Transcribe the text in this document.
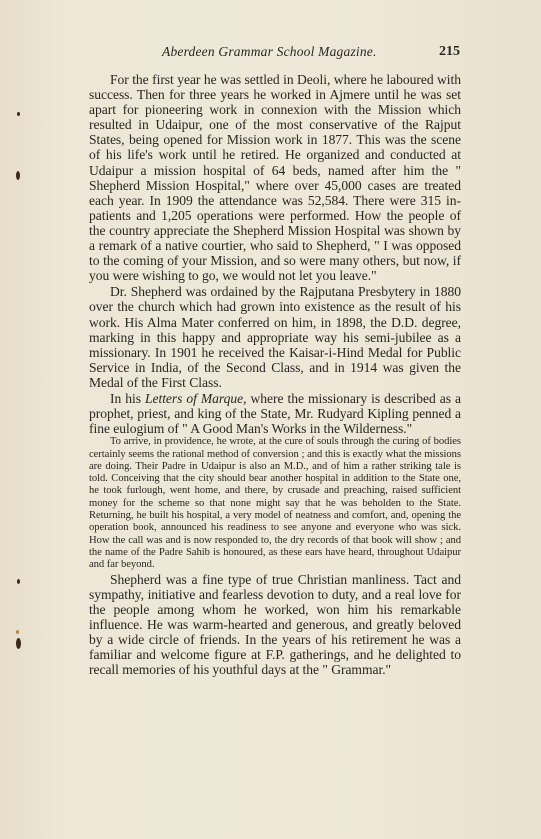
Aberdeen Grammar School Magazine.	215

For the first year he was settled in Deoli, where he laboured with success. Then for three years he worked in Ajmere until he was set apart for pioneering work in connexion with the Mission which resulted in Udaipur, one of the most conservative of the Rajput States, being opened for Mission work in 1877. This was the scene of his life's work until he retired. He organized and conducted at Udaipur a mission hospital of 64 beds, named after him the " Shepherd Mission Hospital," where over 45,000 cases are treated each year. In 1909 the attendance was 52,584. There were 315 in-patients and 1,205 operations were performed. How the people of the country appreciate the Shepherd Mission Hospital was shown by a remark of a native courtier, who said to Shepherd, " I was opposed to the coming of your Mission, and so were many others, but now, if you were wishing to go, we would not let you leave."

Dr. Shepherd was ordained by the Rajputana Presbytery in 1880 over the church which had grown into existence as the result of his work. His Alma Mater conferred on him, in 1898, the D.D. degree, marking in this happy and appropriate way his semi-jubilee as a missionary. In 1901 he received the Kaisar-i-Hind Medal for Public Service in India, of the Second Class, and in 1914 was given the Medal of the First Class.

In his Letters of Marque, where the missionary is described as a prophet, priest, and king of the State, Mr. Rudyard Kipling penned a fine eulogium of " A Good Man's Works in the Wilderness."

To arrive, in providence, he wrote, at the cure of souls through the curing of bodies certainly seems the rational method of conversion ; and this is exactly what the missions are doing. Their Padre in Udaipur is also an M.D., and of him a rather striking tale is told. Conceiving that the city should bear another hospital in addition to the State one, he took furlough, went home, and there, by crusade and preaching, raised sufficient money for the scheme so that none might say that he was beholden to the State. Returning, he built his hospital, a very model of neatness and comfort, and, opening the operation book, announced his readiness to see anyone and everyone who was sick. How the call was and is now responded to, the dry records of that book will show ; and the name of the Padre Sahib is honoured, as these ears have heard, throughout Udaipur and far beyond.

Shepherd was a fine type of true Christian manliness. Tact and sympathy, initiative and fearless devotion to duty, and a real love for the people among whom he worked, won him his remarkable influence. He was warm-hearted and generous, and greatly beloved by a wide circle of friends. In the years of his retirement he was a familiar and welcome figure at F.P. gatherings, and he delighted to recall memories of his youthful days at the " Grammar."
